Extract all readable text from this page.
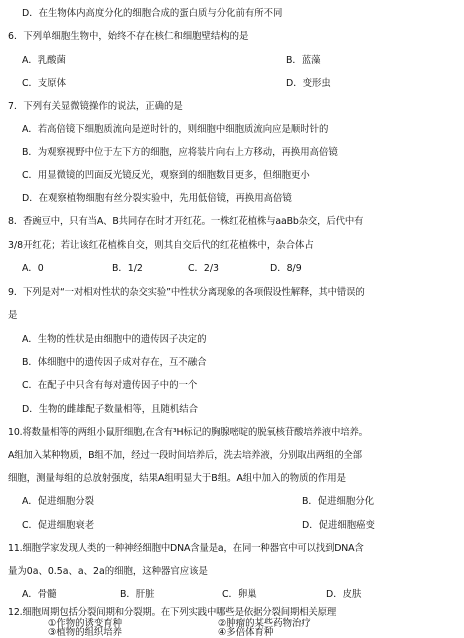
D．在生物体内高度分化的细胞合成的蛋白质与分化前有所不同
6．下列单细胞生物中，始终不存在核仁和细胞壁结构的是
A．乳酸菌	B．蓝藻
C．支原体	D．变形虫
7．下列有关显微镜操作的说法，正确的是
A．若高倍镜下细胞质流向是逆时针的，则细胞中细胞质流向应是顺时针的
B．为观察视野中位于左下方的细胞，应将装片向右上方移动，再换用高倍镜
C．用显微镜的凹面反光镜反光，观察到的细胞数目更多，但细胞更小
D．在观察植物细胞有丝分裂实验中，先用低倍镜，再换用高倍镜
8．香豌豆中，只有当A、B共同存在时才开红花。一株红花植株与aaBb杂交，后代中有
3/8开红花；若让该红花植株自交，则其自交后代的红花植株中，杂合体占
A．0	B．1/2	C．2/3	D．8/9
9．下列是对“一对相对性状的杂交实验”中性状分离现象的各项假设性解释，其中错误的
是
A．生物的性状是由细胞中的遗传因子决定的
B．体细胞中的遗传因子成对存在，互不融合
C．在配子中只含有每对遗传因子中的一个
D．生物的雌雄配子数量相等，且随机结合
10.将数量相等的两组小鼠肝细胞,在含有³H标记的胸腺嘧啶的脱氧核苷酸培养液中培养。
A组加入某种物质，B组不加，经过一段时间培养后，洗去培养液，分别取出两组的全部
细胞，测量每组的总放射强度，结果A组明显大于B组。A组中加入的物质的作用是
A．促进细胞分裂	B．促进细胞分化
C．促进细胞衰老	D．促进细胞癌变
11.细胞学家发现人类的一种神经细胞中DNA含量是a，在同一种器官中可以找到DNA含
量为0a、0.5a、a、2a的细胞，这种器官应该是
A．骨髓	B．肝脏	C．卵巢	D．皮肤
12.细胞周期包括分裂间期和分裂期。在下列实践中哪些是依据分裂间期相关原理
①作物的诱变育种	②肿瘤的某些药物治疗
③植物的组织培养	④多倍体育种
